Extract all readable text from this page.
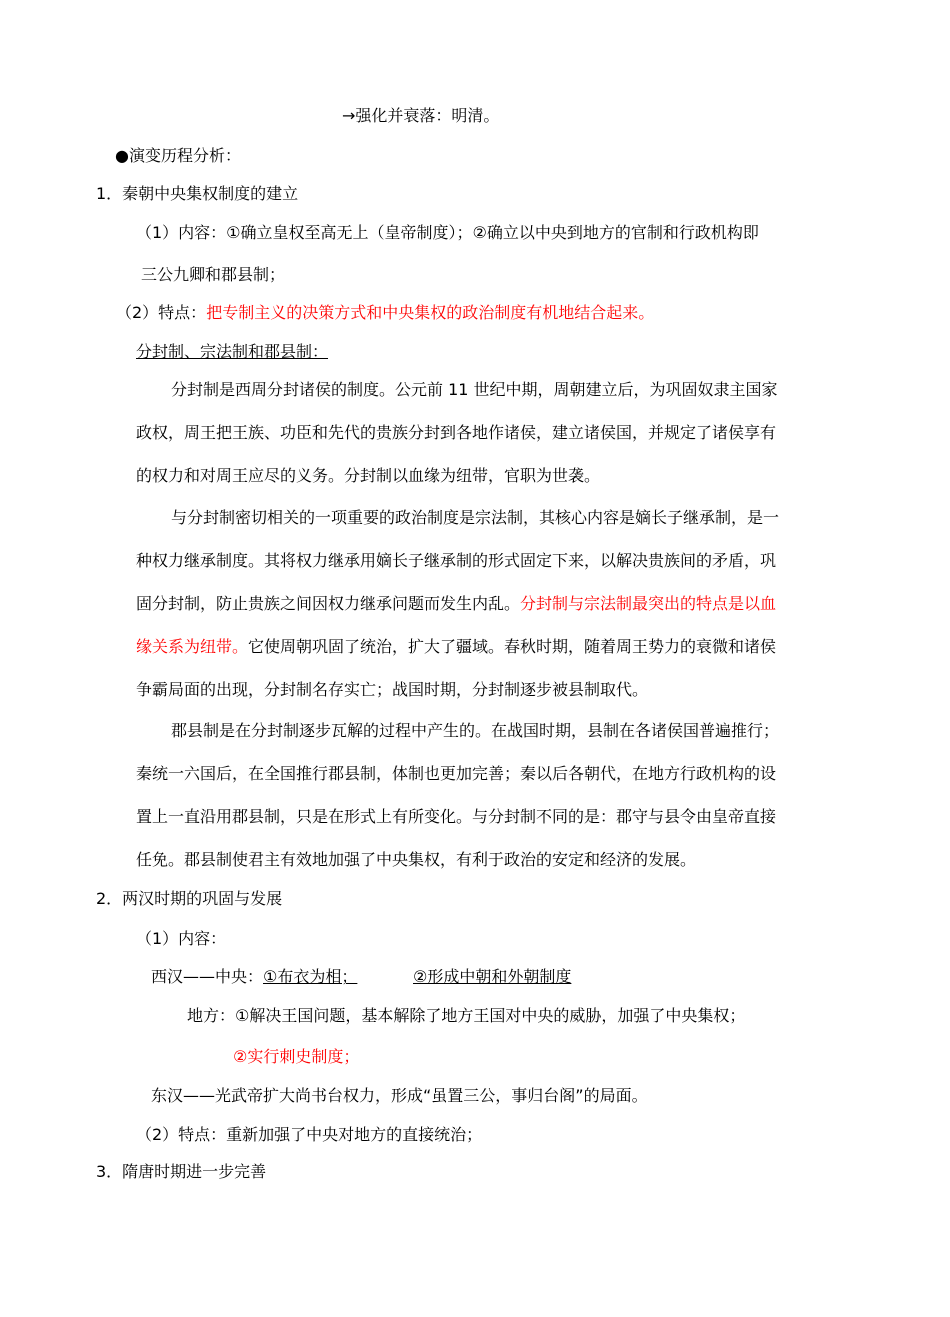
→强化并衰落：明清。
●演变历程分析：
1．秦朝中央集权制度的建立
（1）内容：①确立皇权至高无上（皇帝制度）；②确立以中央到地方的官制和行政机构即
三公九卿和郡县制；
（2）特点：把专制主义的决策方式和中央集权的政治制度有机地结合起来。
分封制、宗法制和郡县制：
分封制是西周分封诸侯的制度。公元前 11 世纪中期，周朝建立后，为巩固奴隶主国家
政权，周王把王族、功臣和先代的贵族分封到各地作诸侯，建立诸侯国，并规定了诸侯享有
的权力和对周王应尽的义务。分封制以血缘为纽带，官职为世袭。
与分封制密切相关的一项重要的政治制度是宗法制，其核心内容是嫡长子继承制，是一
种权力继承制度。其将权力继承用嫡长子继承制的形式固定下来，以解决贵族间的矛盾，巩
固分封制，防止贵族之间因权力继承问题而发生内乱。分封制与宗法制最突出的特点是以血
缘关系为纽带。它使周朝巩固了统治，扩大了疆域。春秋时期，随着周王势力的衰微和诸侯
争霸局面的出现，分封制名存实亡；战国时期，分封制逐步被县制取代。
郡县制是在分封制逐步瓦解的过程中产生的。在战国时期，县制在各诸侯国普遍推行；
秦统一六国后，在全国推行郡县制，体制也更加完善；秦以后各朝代，在地方行政机构的设
置上一直沿用郡县制，只是在形式上有所变化。与分封制不同的是：郡守与县令由皇帝直接
任免。郡县制使君主有效地加强了中央集权，有利于政治的安定和经济的发展。
2．两汉时期的巩固与发展
（1）内容：
西汉——中央：①布衣为相；	②形成中朝和外朝制度
地方：①解决王国问题，基本解除了地方王国对中央的威胁，加强了中央集权；
②实行刺史制度；
东汉——光武帝扩大尚书台权力，形成“虽置三公，事归台阁”的局面。
（2）特点：重新加强了中央对地方的直接统治；
3．隋唐时期进一步完善
